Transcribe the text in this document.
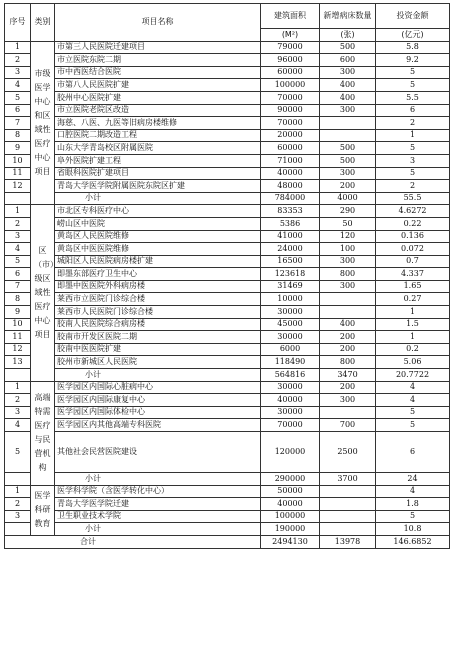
序号	类别	项目名称	建筑面积	新增病床数量	投资金额
			(M²)	(张)	(亿元)
1	市级医学中心和区域性医疗中心项目	市第三人民医院迁建项目	79000	500	5.8
2		市立医院东院二期	96000	600	9.2
3		市中西医结合医院	60000	300	5
4		市第八人民医院扩建	100000	400	5
5		胶州中心医院扩建	70000	400	5.5
6		市立医院老院区改造	90000	300	6
7		海慈、八医、九医等旧病房楼维修	70000		2
8		口腔医院二期改造工程	20000		1
9		山东大学青岛校区附属医院	60000	500	5
10		阜外医院扩建工程	71000	500	3
11		省眼科医院扩建项目	40000	300	5
12		青岛大学医学院附属医院东院区扩建	48000	200	2
		小计	784000	4000	55.5
1	区（市）级区域性医疗中心项目	市北区专科医疗中心	83353	290	4.6272
2		崂山区中医院	5386	50	0.22
3		黄岛区人民医院维修	41000	120	0.136
4		黄岛区中医医院维修	24000	100	0.072
5		城阳区人民医院病房楼扩建	16500	300	0.7
6		即墨东部医疗卫生中心	123618	800	4.337
7		即墨中医医院外科病房楼	31469	300	1.65
8		莱西市立医院门诊综合楼	10000		0.27
9		莱西市人民医院门诊综合楼	30000		1
10		胶南人民医院综合病房楼	45000	400	1.5
11		胶南市开发区医院二期	30000	200	1
12		胶南中医医院扩建	6000	200	0.2
13		胶州市新城区人民医院	118490	800	5.06
		小计	564816	3470	20.7722
1	高端特需医疗与民营机构	医学园区内国际心脏病中心	30000	200	4
2		医学园区内国际康复中心	40000	300	4
3		医学园区内国际体检中心	30000		5
4		医学园区内其他高端专科医院	70000	700	5
5		其他社会民营医院建设	120000	2500	6
		小计	290000	3700	24
1	医学科研教育	医学科学院（含医学转化中心）	50000		4
2		青岛大学医学院迁建	40000		1.8
3		卫生职业技术学院	100000		5
		小计	190000		10.8
合计			2494130	13978	146.6852
